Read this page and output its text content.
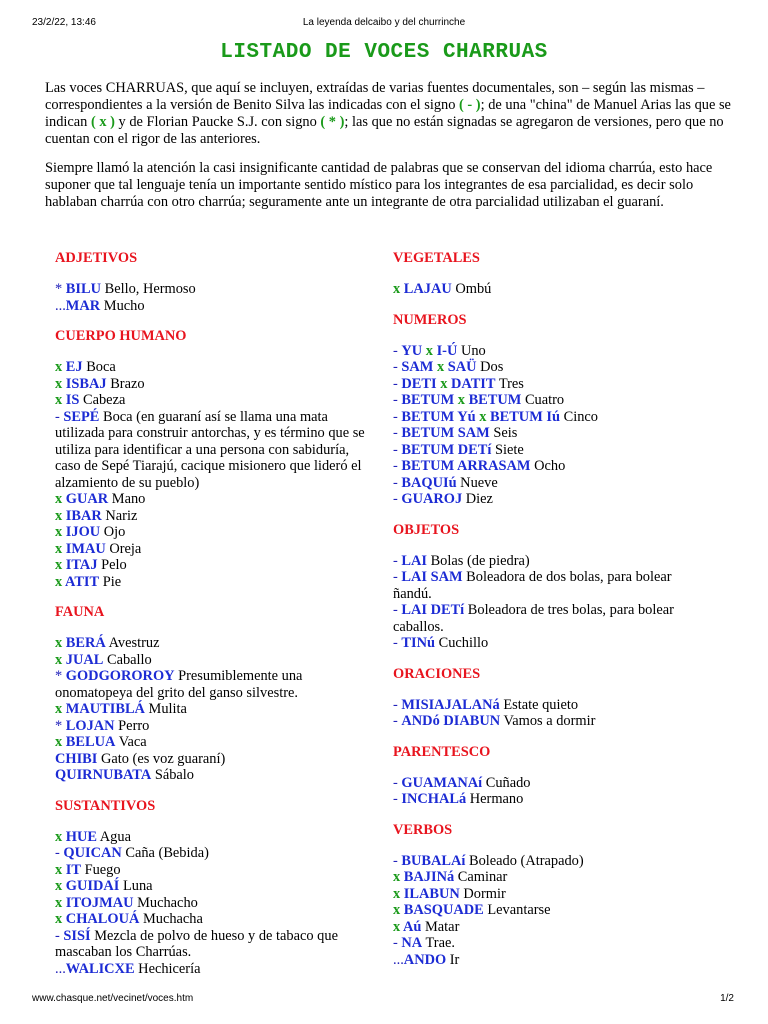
23/2/22, 13:46	La leyenda delcaibo y del churrinche
LISTADO DE VOCES CHARRUAS

Las voces CHARRUAS, que aquí se incluyen, extraídas de varias fuentes documentales, son – según las mismas – correspondientes a la versión de Benito Silva las indicadas con el signo ( - ); de una "china" de Manuel Arias las que se indican ( x ) y de Florian Paucke S.J. con signo ( * ); las que no están signadas se agregaron de versiones, pero que no cuentan con el rigor de las anteriores.

Siempre llamó la atención la casi insignificante cantidad de palabras que se conservan del idioma charrúa, esto hace suponer que tal lenguaje tenía un importante sentido místico para los integrantes de esa parcialidad, es decir solo hablaban charrúa con otro charrúa; seguramente ante un integrante de otra parcialidad utilizaban el guaraní.

ADJETIVOS
* BILU Bello, Hermoso
...MAR Mucho
CUERPO HUMANO
x EJ Boca
x ISBAJ Brazo
x IS Cabeza
- SEPÉ Boca (en guaraní así se llama una mata utilizada para construir antorchas, y es término que se utiliza para identificar a una persona con sabiduría, caso de Sepé Tiarajú, cacique misionero que lideró el alzamiento de su pueblo)
x GUAR Mano
x IBAR Nariz
x IJOU Ojo
x IMAU Oreja
x ITAJ Pelo
x ATIT Pie
FAUNA
x BERÁ Avestruz
x JUAL Caballo
* GODGOROROY Presumiblemente una onomatopeya del grito del ganso silvestre.
x MAUTIBLÁ Mulita
* LOJAN Perro
x BELUA Vaca
CHIBI Gato (es voz guaraní)
QUIRNUBATA Sábalo
SUSTANTIVOS
x HUE Agua
- QUICAN Caña (Bebida)
x IT Fuego
x GUIDAÍ Luna
x ITOJMAU Muchacho
x CHALOUÁ Muchacha
- SISÍ Mezcla de polvo de hueso y de tabaco que mascaban los Charrúas.
...WALICXE Hechicería
VEGETALES
x LAJAU Ombú
NUMEROS
- YU x I-Ú Uno
- SAM x SAÜ Dos
- DETI x DATIT Tres
- BETUM x BETUM Cuatro
- BETUM Yú x BETUM Iú Cinco
- BETUM SAM Seis
- BETUM DETí Siete
- BETUM ARRASAM Ocho
- BAQUIú Nueve
- GUAROJ Diez
OBJETOS
- LAI Bolas (de piedra)
- LAI SAM Boleadora de dos bolas, para bolear ñandú.
- LAI DETí Boleadora de tres bolas, para bolear caballos.
- TINú Cuchillo
ORACIONES
- MISIAJALANá Estate quieto
- ANDó DIABUN Vamos a dormir
PARENTESCO
- GUAMANAí Cuñado
- INCHALá Hermano
VERBOS
- BUBALAí Boleado (Atrapado)
x BAJINá Caminar
x ILABUN Dormir
x BASQUADE Levantarse
x Aú Matar
- NA Trae.
...ANDO Ir
www.chasque.net/vecinet/voces.htm	1/2
